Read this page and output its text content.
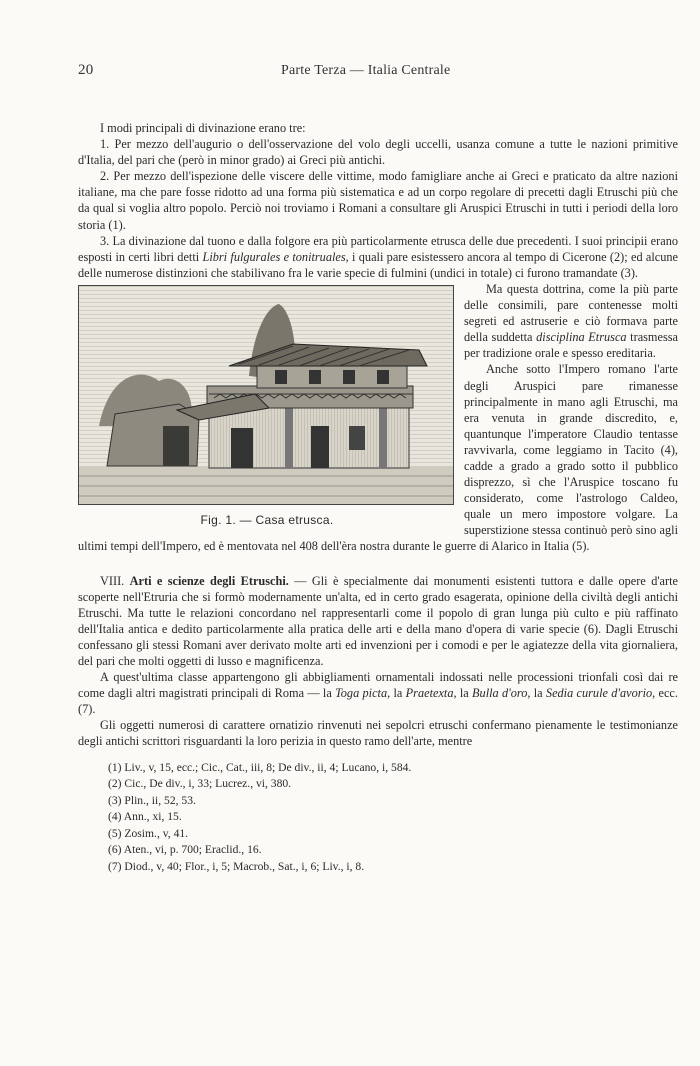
20	Parte Terza — Italia Centrale

I modi principali di divinazione erano tre:

1. Per mezzo dell'augurio o dell'osservazione del volo degli uccelli, usanza comune a tutte le nazioni primitive d'Italia, del pari che (però in minor grado) ai Greci più antichi.

2. Per mezzo dell'ispezione delle viscere delle vittime, modo famigliare anche ai Greci e praticato da altre nazioni italiane, ma che pare fosse ridotto ad una forma più sistematica e ad un corpo regolare di precetti dagli Etruschi più che da qual si voglia altro popolo. Perciò noi troviamo i Romani a consultare gli Aruspici Etruschi in tutti i periodi della loro storia (1).

3. La divinazione dal tuono e dalla folgore era più particolarmente etrusca delle due precedenti. I suoi principii erano esposti in certi libri detti Libri fulgurales e tonitruales, i quali pare esistessero ancora al tempo di Cicerone (2); ed alcune delle numerose distinzioni che stabilivano fra le varie specie di fulmini (undici in totale) ci furono tramandate (3).

Fig. 1. — Casa etrusca.

Ma questa dottrina, come la più parte delle consimili, pare contenesse molti segreti ed astruserie e ciò formava parte della suddetta disciplina Etrusca trasmessa per tradizione orale e spesso ereditaria.

Anche sotto l'Impero romano l'arte degli Aruspici pare rimanesse principalmente in mano agli Etruschi, ma era venuta in grande discredito, e, quantunque l'imperatore Claudio tentasse ravvivarla, come leggiamo in Tacito (4), cadde a grado a grado sotto il pubblico disprezzo, sì che l'Aruspice toscano fu considerato, come l'astrologo Caldeo, quale un mero impostore volgare. La superstizione stessa continuò però sino agli ultimi tempi dell'Impero, ed è mentovata nel 408 dell'èra nostra durante le guerre di Alarico in Italia (5).

VIII. Arti e scienze degli Etruschi. — Gli è specialmente dai monumenti esistenti tuttora e dalle opere d'arte scoperte nell'Etruria che si formò modernamente un'alta, ed in certo grado esagerata, opinione della civiltà degli antichi Etruschi. Ma tutte le relazioni concordano nel rappresentarli come il popolo di gran lunga più culto e più raffinato dell'Italia antica e dedito particolarmente alla pratica delle arti e della mano d'opera di varie specie (6). Dagli Etruschi confessano gli stessi Romani aver derivato molte arti ed invenzioni per i comodi e per le agiatezze della vita giornaliera, del pari che molti oggetti di lusso e magnificenza.

A quest'ultima classe appartengono gli abbigliamenti ornamentali indossati nelle processioni trionfali così dai re come dagli altri magistrati principali di Roma — la Toga picta, la Praetexta, la Bulla d'oro, la Sedia curule d'avorio, ecc. (7).

Gli oggetti numerosi di carattere ornatizio rinvenuti nei sepolcri etruschi confermano pienamente le testimonianze degli antichi scrittori risguardanti la loro perizia in questo ramo dell'arte, mentre

(1) Liv., v, 15, ecc.; Cic., Cat., iii, 8; De div., ii, 4; Lucano, i, 584.
(2) Cic., De div., i, 33; Lucrez., vi, 380.
(3) Plin., ii, 52, 53.
(4) Ann., xi, 15.
(5) Zosim., v, 41.
(6) Aten., vi, p. 700; Eraclid., 16.
(7) Diod., v, 40; Flor., i, 5; Macrob., Sat., i, 6; Liv., i, 8.
